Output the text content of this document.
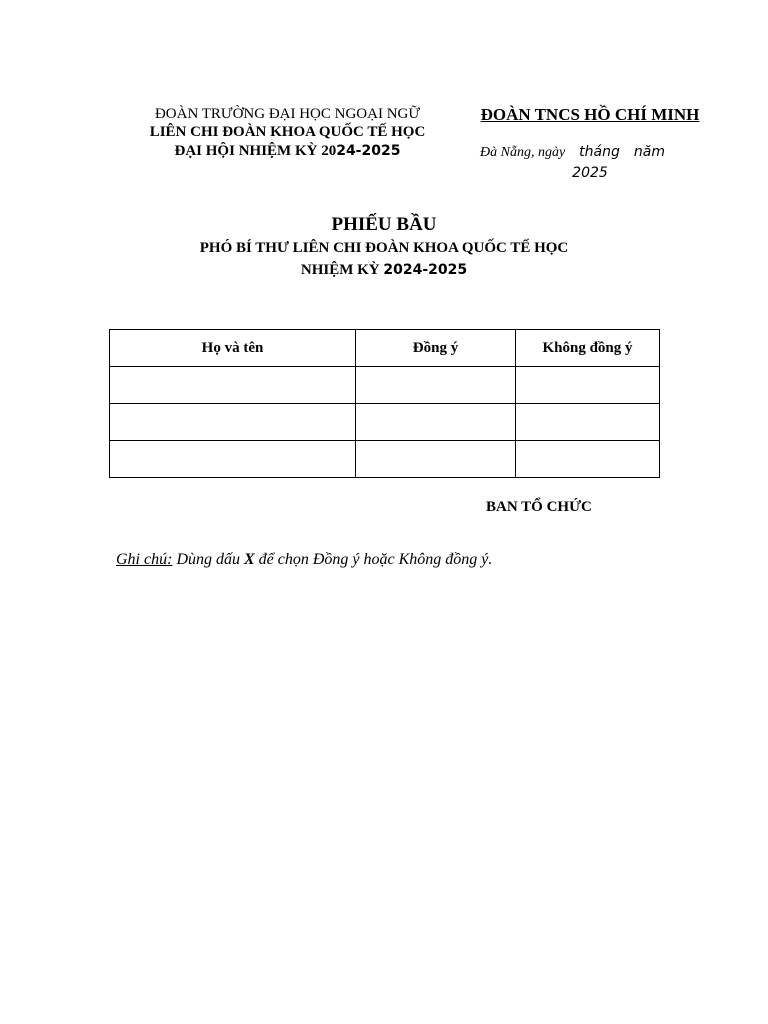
ĐOÀN TRƯỜNG ĐẠI HỌC NGOẠI NGỮ
LIÊN CHI ĐOÀN KHOA QUỐC TẾ HỌC
ĐẠI HỘI NHIỆM KỲ 2024-2025
ĐOÀN TNCS HỒ CHÍ MINH
Đà Nẵng, ngày tháng năm
2025
PHIẾU BẦU
PHÓ BÍ THƯ LIÊN CHI ĐOÀN KHOA QUỐC TẾ HỌC
NHIỆM KỲ 2024-2025
Họ và tên	Đồng ý	Không đồng ý

BAN TỔ CHỨC
Ghi chú: Dùng dấu X để chọn Đồng ý hoặc Không đồng ý.
